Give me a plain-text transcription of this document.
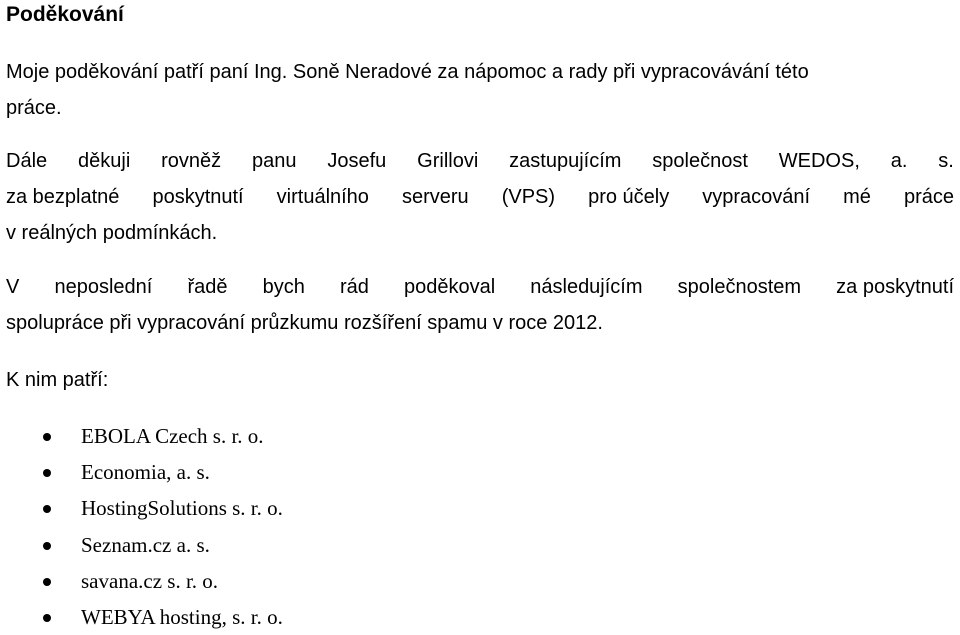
Poděkování
Moje poděkování patří paní Ing. Soně Neradové za nápomoc a rady při vypracovávání této
práce.
Dále děkuji rovněž panu Josefu Grillovi zastupujícím společnost WEDOS, a. s.
za bezplatné poskytnutí virtuálního serveru (VPS) pro účely vypracování mé práce
v reálných podmínkách.
V neposlední řadě bych rád poděkoval následujícím společnostem za poskytnutí
spolupráce při vypracování průzkumu rozšíření spamu v roce 2012.
K nim patří:
EBOLA Czech s. r. o.
Economia, a. s.
HostingSolutions s. r. o.
Seznam.cz a. s.
savana.cz s. r. o.
WEBYA hosting, s. r. o.
